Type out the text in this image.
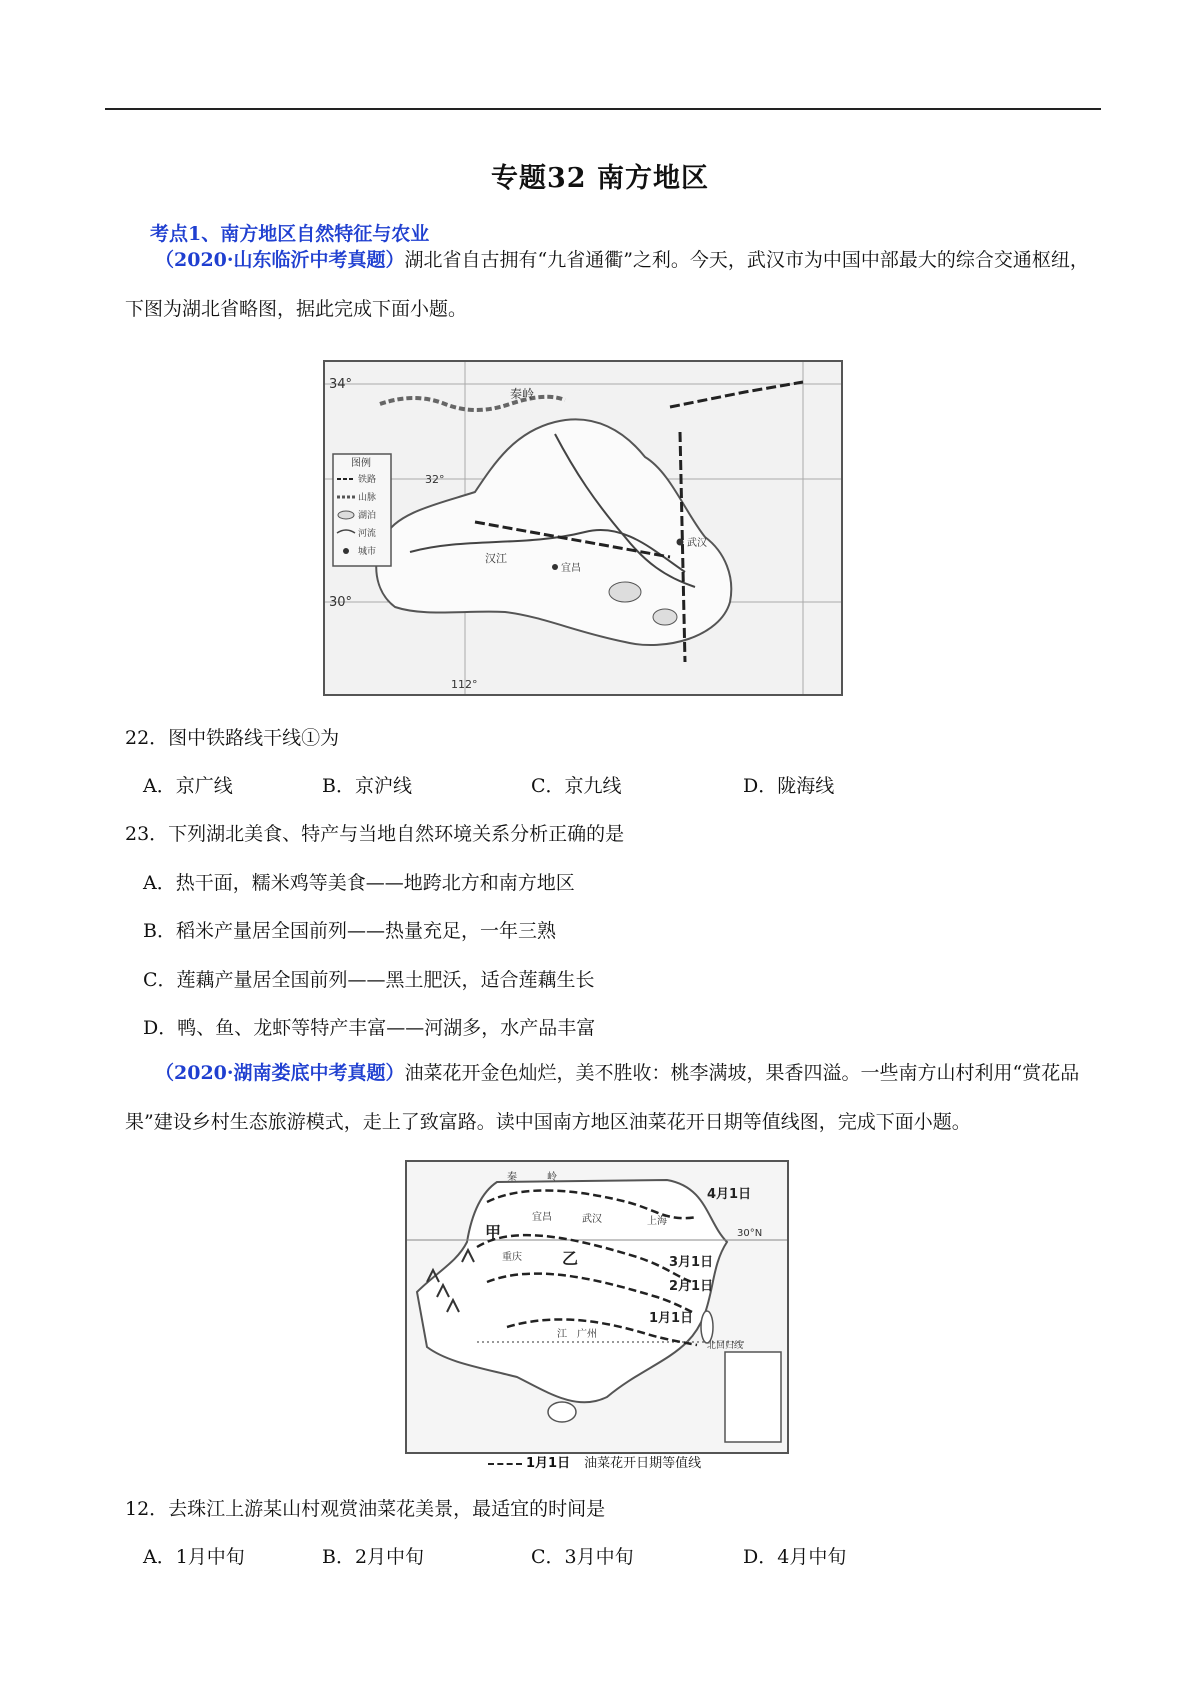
专题32 南方地区
考点1、南方地区自然特征与农业
（2020·山东临沂中考真题）湖北省自古拥有“九省通衢”之利。今天，武汉市为中国中部最大的综合交通枢纽，下图为湖北省略图，据此完成下面小题。
图例
铁路
山脉
湖泊
河流
城市
34°
32°
30°
112°
秦岭
汉江
宜昌
武汉
22．图中铁路线干线①为
A．京广线	B．京沪线	C．京九线	D．陇海线
23．下列湖北美食、特产与当地自然环境关系分析正确的是
A．热干面，糯米鸡等美食——地跨北方和南方地区
B．稻米产量居全国前列——热量充足，一年三熟
C．莲藕产量居全国前列——黑土肥沃，适合莲藕生长
D．鸭、鱼、龙虾等特产丰富——河湖多，水产品丰富
（2020·湖南娄底中考真题）油菜花开金色灿烂，美不胜收：桃李满坡，果香四溢。一些南方山村利用“赏花品果”建设乡村生态旅游模式，走上了致富路。读中国南方地区油菜花开日期等值线图，完成下面小题。
4月1日
3月1日
2月1日
1月1日
30°N
北回归线
秦	岭
宜昌	武汉	上海
重庆
甲
乙
广州
江
1月1日 油菜花开日期等值线
12．去珠江上游某山村观赏油菜花美景，最适宜的时间是
A．1月中旬	B．2月中旬	C．3月中旬	D．4月中旬
